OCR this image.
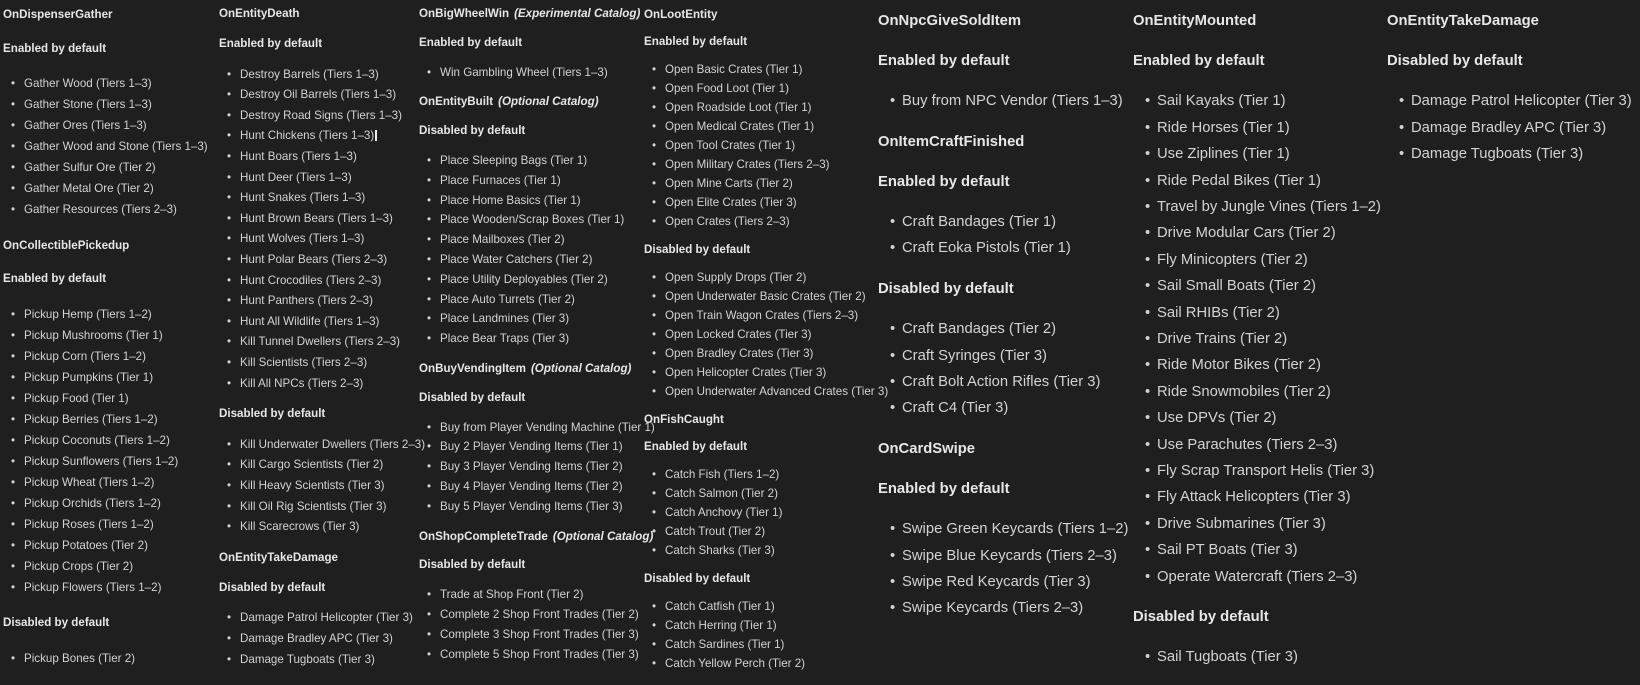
OnDispenserGather

Enabled by default

• Gather Wood (Tiers 1–3)
• Gather Stone (Tiers 1–3)
• Gather Ores (Tiers 1–3)
• Gather Wood and Stone (Tiers 1–3)
• Gather Sulfur Ore (Tier 2)
• Gather Metal Ore (Tier 2)
• Gather Resources (Tiers 2–3)

OnCollectiblePickedup

Enabled by default

• Pickup Hemp (Tiers 1–2)
• Pickup Mushrooms (Tier 1)
• Pickup Corn (Tiers 1–2)
• Pickup Pumpkins (Tier 1)
• Pickup Food (Tier 1)
• Pickup Berries (Tiers 1–2)
• Pickup Coconuts (Tiers 1–2)
• Pickup Sunflowers (Tiers 1–2)
• Pickup Wheat (Tiers 1–2)
• Pickup Orchids (Tiers 1–2)
• Pickup Roses (Tiers 1–2)
• Pickup Potatoes (Tier 2)
• Pickup Crops (Tier 2)
• Pickup Flowers (Tiers 1–2)

Disabled by default

• Pickup Bones (Tier 2)

OnEntityDeath

Enabled by default

• Destroy Barrels (Tiers 1–3)
• Destroy Oil Barrels (Tiers 1–3)
• Destroy Road Signs (Tiers 1–3)
• Hunt Chickens (Tiers 1–3)
• Hunt Boars (Tiers 1–3)
• Hunt Deer (Tiers 1–3)
• Hunt Snakes (Tiers 1–3)
• Hunt Brown Bears (Tiers 1–3)
• Hunt Wolves (Tiers 1–3)
• Hunt Polar Bears (Tiers 2–3)
• Hunt Crocodiles (Tiers 2–3)
• Hunt Panthers (Tiers 2–3)
• Hunt All Wildlife (Tiers 1–3)
• Kill Tunnel Dwellers (Tiers 2–3)
• Kill Scientists (Tiers 2–3)
• Kill All NPCs (Tiers 2–3)

Disabled by default

• Kill Underwater Dwellers (Tiers 2–3)
• Kill Cargo Scientists (Tier 2)
• Kill Heavy Scientists (Tier 3)
• Kill Oil Rig Scientists (Tier 3)
• Kill Scarecrows (Tier 3)

OnEntityTakeDamage

Disabled by default

• Damage Patrol Helicopter (Tier 3)
• Damage Bradley APC (Tier 3)
• Damage Tugboats (Tier 3)

OnBigWheelWin (Experimental Catalog)

Enabled by default

• Win Gambling Wheel (Tiers 1–3)

OnEntityBuilt (Optional Catalog)

Disabled by default

• Place Sleeping Bags (Tier 1)
• Place Furnaces (Tier 1)
• Place Home Basics (Tier 1)
• Place Wooden/Scrap Boxes (Tier 1)
• Place Mailboxes (Tier 2)
• Place Water Catchers (Tier 2)
• Place Utility Deployables (Tier 2)
• Place Auto Turrets (Tier 2)
• Place Landmines (Tier 3)
• Place Bear Traps (Tier 3)

OnBuyVendingItem (Optional Catalog)

Disabled by default

• Buy from Player Vending Machine (Tier 1)
• Buy 2 Player Vending Items (Tier 1)
• Buy 3 Player Vending Items (Tier 2)
• Buy 4 Player Vending Items (Tier 2)
• Buy 5 Player Vending Items (Tier 3)

OnShopCompleteTrade (Optional Catalog)

Disabled by default

• Trade at Shop Front (Tier 2)
• Complete 2 Shop Front Trades (Tier 2)
• Complete 3 Shop Front Trades (Tier 3)
• Complete 5 Shop Front Trades (Tier 3)

OnLootEntity

Enabled by default

• Open Basic Crates (Tier 1)
• Open Food Loot (Tier 1)
• Open Roadside Loot (Tier 1)
• Open Medical Crates (Tier 1)
• Open Tool Crates (Tier 1)
• Open Military Crates (Tiers 2–3)
• Open Mine Carts (Tier 2)
• Open Elite Crates (Tier 3)
• Open Crates (Tiers 2–3)

Disabled by default

• Open Supply Drops (Tier 2)
• Open Underwater Basic Crates (Tier 2)
• Open Train Wagon Crates (Tiers 2–3)
• Open Locked Crates (Tier 3)
• Open Bradley Crates (Tier 3)
• Open Helicopter Crates (Tier 3)
• Open Underwater Advanced Crates (Tier 3)

OnFishCaught

Enabled by default

• Catch Fish (Tiers 1–2)
• Catch Salmon (Tier 2)
• Catch Anchovy (Tier 1)
• Catch Trout (Tier 2)
• Catch Sharks (Tier 3)

Disabled by default

• Catch Catfish (Tier 1)
• Catch Herring (Tier 1)
• Catch Sardines (Tier 1)
• Catch Yellow Perch (Tier 2)

OnNpcGiveSoldItem

Enabled by default

• Buy from NPC Vendor (Tiers 1–3)

OnItemCraftFinished

Enabled by default

• Craft Bandages (Tier 1)
• Craft Eoka Pistols (Tier 1)

Disabled by default

• Craft Bandages (Tier 2)
• Craft Syringes (Tier 3)
• Craft Bolt Action Rifles (Tier 3)
• Craft C4 (Tier 3)

OnCardSwipe

Enabled by default

• Swipe Green Keycards (Tiers 1–2)
• Swipe Blue Keycards (Tiers 2–3)
• Swipe Red Keycards (Tier 3)
• Swipe Keycards (Tiers 2–3)

OnEntityMounted

Enabled by default

• Sail Kayaks (Tier 1)
• Ride Horses (Tier 1)
• Use Ziplines (Tier 1)
• Ride Pedal Bikes (Tier 1)
• Travel by Jungle Vines (Tiers 1–2)
• Drive Modular Cars (Tier 2)
• Fly Minicopters (Tier 2)
• Sail Small Boats (Tier 2)
• Sail RHIBs (Tier 2)
• Drive Trains (Tier 2)
• Ride Motor Bikes (Tier 2)
• Ride Snowmobiles (Tier 2)
• Use DPVs (Tier 2)
• Use Parachutes (Tiers 2–3)
• Fly Scrap Transport Helis (Tier 3)
• Fly Attack Helicopters (Tier 3)
• Drive Submarines (Tier 3)
• Sail PT Boats (Tier 3)
• Operate Watercraft (Tiers 2–3)

Disabled by default

• Sail Tugboats (Tier 3)

OnEntityTakeDamage

Disabled by default

• Damage Patrol Helicopter (Tier 3)
• Damage Bradley APC (Tier 3)
• Damage Tugboats (Tier 3)
